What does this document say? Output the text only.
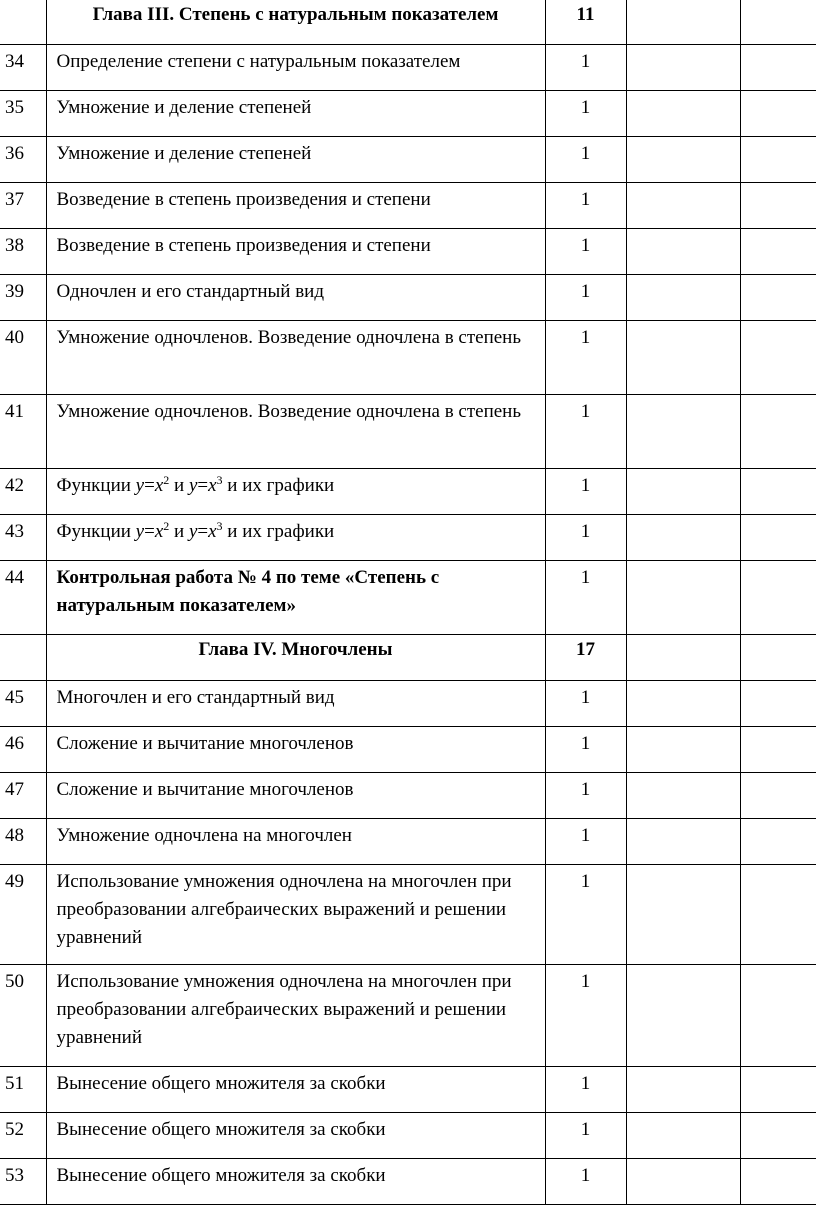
	Глава III. Степень с натуральным показателем	11		
34	Определение степени с натуральным показателем	1		
35	Умножение и деление степеней	1		
36	Умножение и деление степеней	1		
37	Возведение в степень произведения и степени	1		
38	Возведение в степень произведения и степени	1		
39	Одночлен и его стандартный вид	1		
40	Умножение одночленов. Возведение одночлена в степень	1		
41	Умножение одночленов. Возведение одночлена в степень	1		
42	Функции $y=x^2$ и $y=x^3$ и их графики	1		
43	Функции $y=x^2$ и $y=x^3$ и их графики	1		
44	Контрольная работа № 4 по теме «Степень с натуральным показателем»	1		
	Глава IV. Многочлены	17		
45	Многочлен и его стандартный вид	1		
46	Сложение и вычитание многочленов	1		
47	Сложение и вычитание многочленов	1		
48	Умножение одночлена на многочлен	1		
49	Использование умножения одночлена на многочлен при преобразовании алгебраических выражений и решении уравнений	1		
50	Использование умножения одночлена на многочлен при преобразовании алгебраических выражений и решении уравнений	1		
51	Вынесение общего множителя за скобки	1		
52	Вынесение общего множителя за скобки	1		
53	Вынесение общего множителя за скобки	1		
